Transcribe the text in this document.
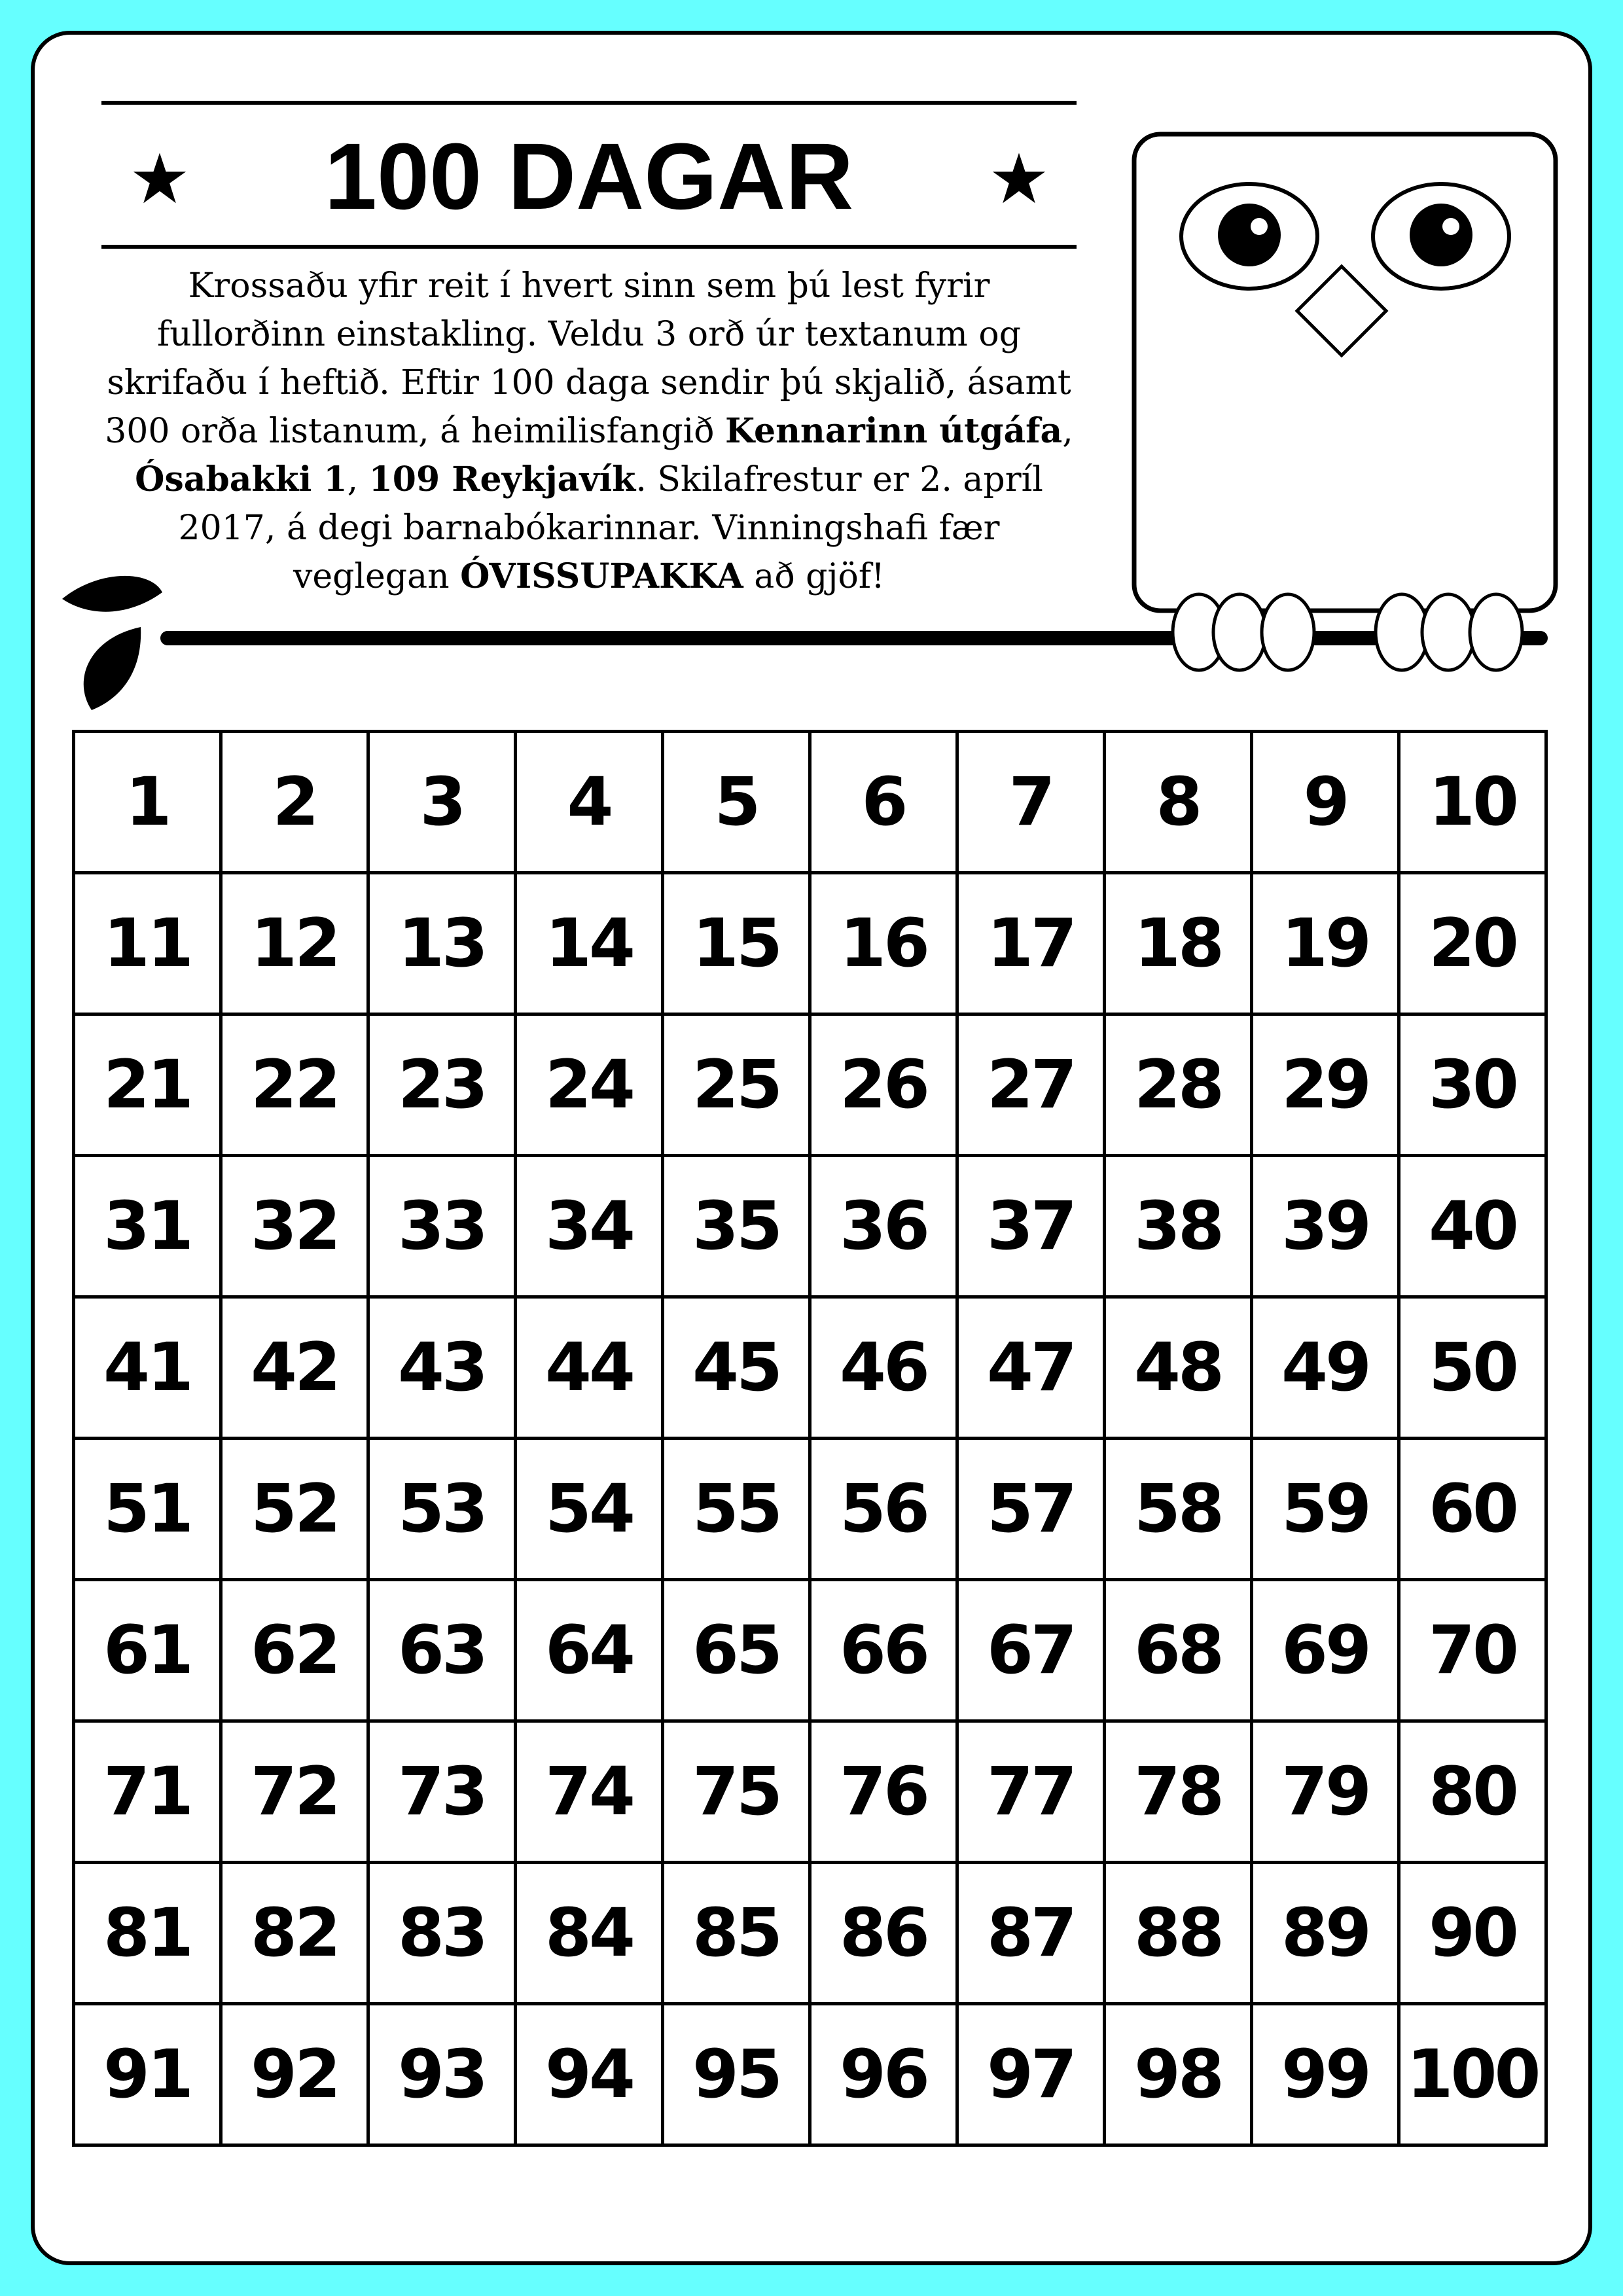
100 DAGAR

Krossaðu yfir reit í hvert sinn sem þú lest fyrir fullorðinn einstakling. Veldu 3 orð úr textanum og skrifaðu í heftið. Eftir 100 daga sendir þú skjalið, ásamt 300 orða listanum, á heimilisfangið Kennarinn útgáfa, Ósabakki 1, 109 Reykjavík. Skilafrestur er 2. apríl 2017, á degi barnabókarinnar. Vinningshafi fær veglegan ÓVISSUPAKKA að gjöf!

1	2	3	4	5	6	7	8	9	10
11	12	13	14	15	16	17	18	19	20
21	22	23	24	25	26	27	28	29	30
31	32	33	34	35	36	37	38	39	40
41	42	43	44	45	46	47	48	49	50
51	52	53	54	55	56	57	58	59	60
61	62	63	64	65	66	67	68	69	70
71	72	73	74	75	76	77	78	79	80
81	82	83	84	85	86	87	88	89	90
91	92	93	94	95	96	97	98	99	100
